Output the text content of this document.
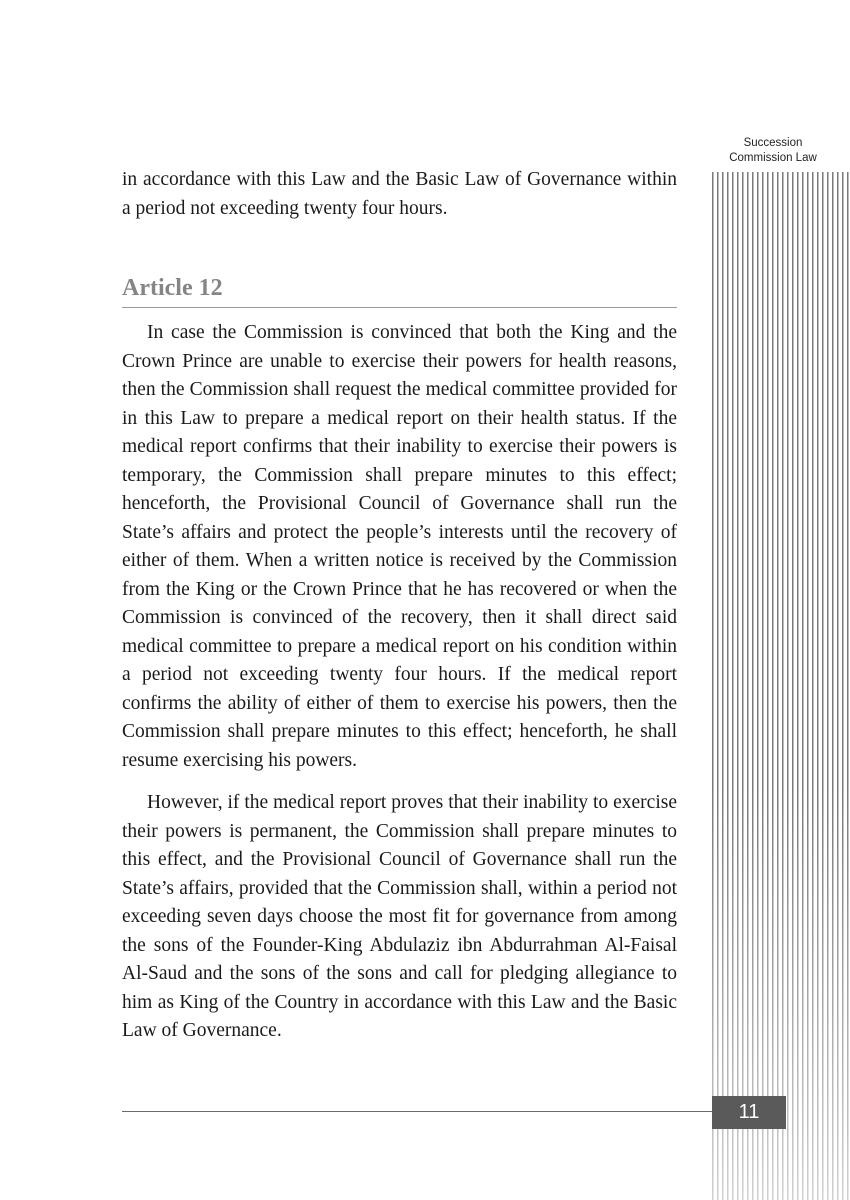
Succession
Commission Law

in accordance with this Law and the Basic Law of Governance within a period not exceeding twenty four hours.

Article 12

In case the Commission is convinced that both the King and the Crown Prince are unable to exercise their powers for health reasons, then the Commission shall request the medical committee provided for in this Law to prepare a medical report on their health status. If the medical report confirms that their inability to exercise their powers is temporary, the Commission shall prepare minutes to this effect; henceforth, the Provisional Council of Governance shall run the State’s affairs and protect the people’s interests until the recovery of either of them. When a written notice is received by the Commission from the King or the Crown Prince that he has recovered or when the Commission is convinced of the recovery, then it shall direct said medical committee to prepare a medical report on his condition within a period not exceeding twenty four hours. If the medical report confirms the ability of either of them to exercise his powers, then the Commission shall prepare minutes to this effect; henceforth, he shall resume exercising his powers.

However, if the medical report proves that their inability to exercise their powers is permanent, the Commission shall prepare minutes to this effect, and the Provisional Council of Governance shall run the State’s affairs, provided that the Commission shall, within a period not exceeding seven days choose the most fit for governance from among the sons of the Founder-King Abdulaziz ibn Abdurrahman Al-Faisal Al-Saud and the sons of the sons and call for pledging allegiance to him as King of the Country in accordance with this Law and the Basic Law of Governance.

11
